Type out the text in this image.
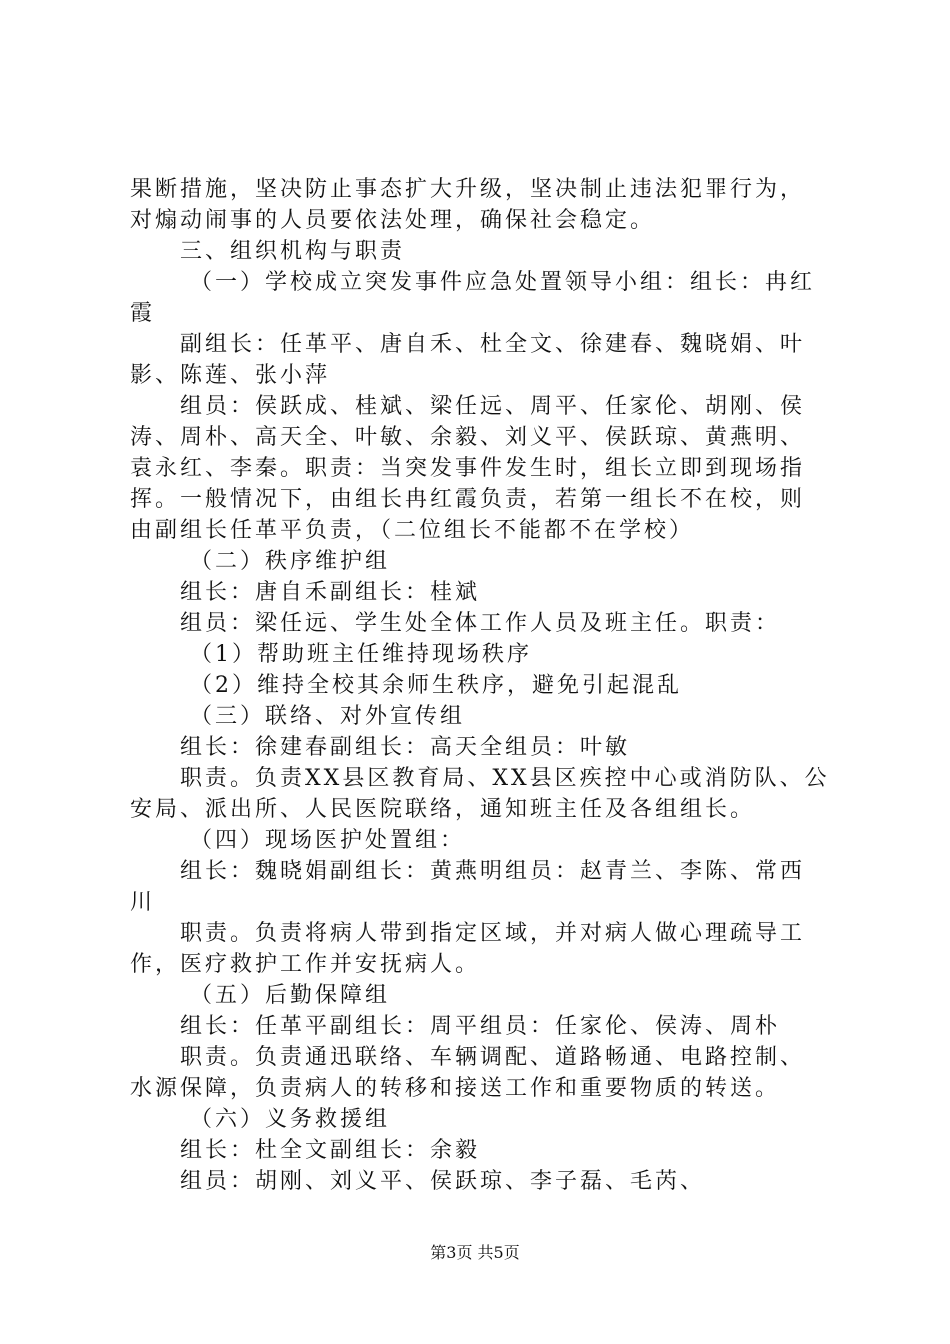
果断措施，坚决防止事态扩大升级，坚决制止违法犯罪行为，
对煽动闹事的人员要依法处理，确保社会稳定。
三、组织机构与职责
（一）学校成立突发事件应急处置领导小组：组长：冉红
霞
副组长：任革平、唐自禾、杜全文、徐建春、魏晓娟、叶
影、陈莲、张小萍
组员：侯跃成、桂斌、梁任远、周平、任家伦、胡刚、侯
涛、周朴、高天全、叶敏、余毅、刘义平、侯跃琼、黄燕明、
袁永红、李秦。职责：当突发事件发生时，组长立即到现场指
挥。一般情况下，由组长冉红霞负责，若第一组长不在校，则
由副组长任革平负责，（二位组长不能都不在学校）
（二）秩序维护组
组长：唐自禾副组长：桂斌
组员：梁任远、学生处全体工作人员及班主任。职责：
（1）帮助班主任维持现场秩序
（2）维持全校其余师生秩序，避免引起混乱
（三）联络、对外宣传组
组长：徐建春副组长：高天全组员：叶敏
职责。负责XX县区教育局、XX县区疾控中心或消防队、公
安局、派出所、人民医院联络，通知班主任及各组组长。
（四）现场医护处置组：
组长：魏晓娟副组长：黄燕明组员：赵青兰、李陈、常西
川
职责。负责将病人带到指定区域，并对病人做心理疏导工
作，医疗救护工作并安抚病人。
（五）后勤保障组
组长：任革平副组长：周平组员：任家伦、侯涛、周朴
职责。负责通迅联络、车辆调配、道路畅通、电路控制、
水源保障，负责病人的转移和接送工作和重要物质的转送。
（六）义务救援组
组长：杜全文副组长：余毅
组员：胡刚、刘义平、侯跃琼、李子磊、毛芮、
第3页 共5页
